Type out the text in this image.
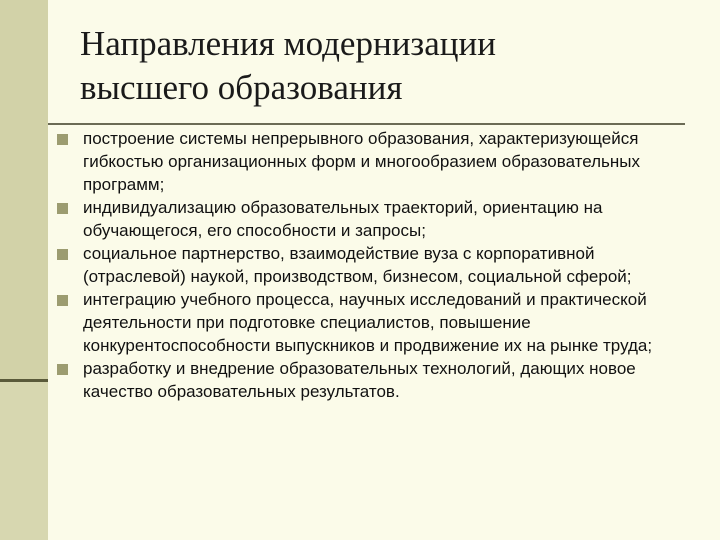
Направления модернизации
высшего образования
построение системы непрерывного образования, характеризующейся гибкостью организационных форм и многообразием образовательных программ;
индивидуализацию образовательных траекторий, ориентацию на обучающегося, его способности и запросы;
социальное партнерство, взаимодействие вуза с корпоративной (отраслевой) наукой, производством, бизнесом, социальной сферой;
интеграцию учебного процесса, научных исследований и практической деятельности при подготовке специалистов, повышение конкурентоспособности выпускников и продвижение их на рынке труда;
разработку и внедрение образовательных технологий, дающих новое качество образовательных результатов.
